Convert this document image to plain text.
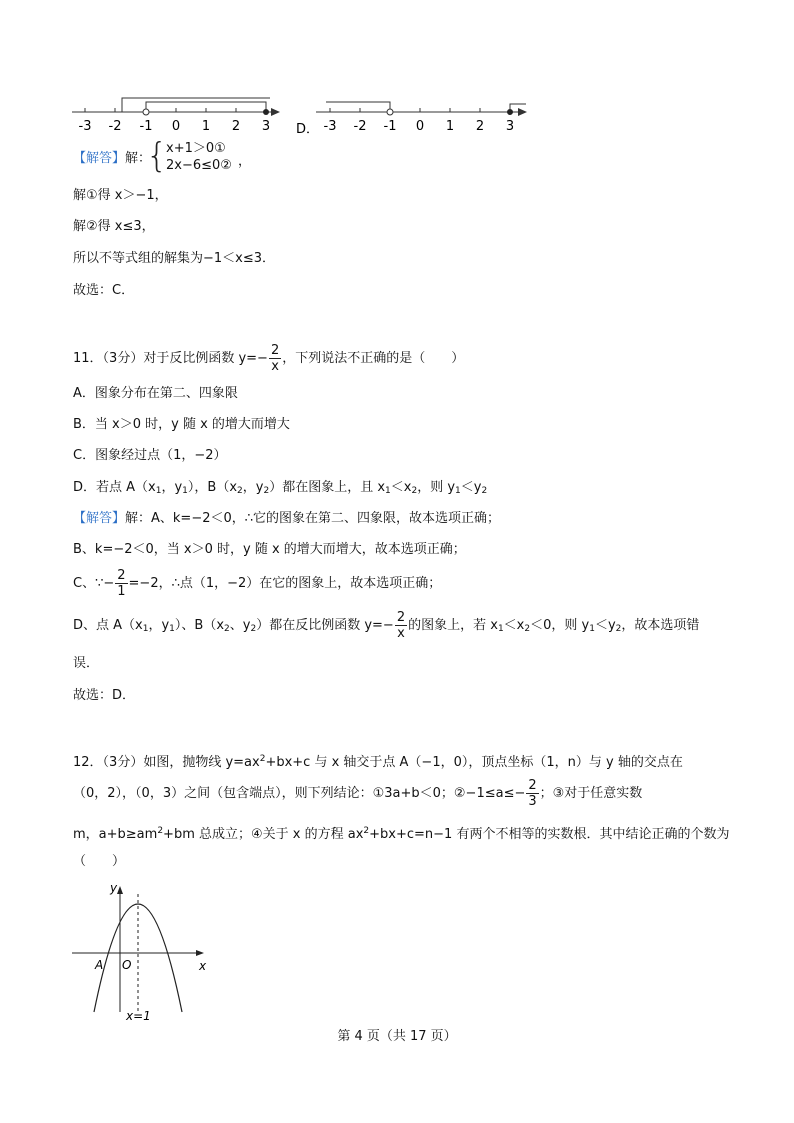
-3 -2 -1 0 1 2 3 D． -3 -2 -1 0 1 2 3
【解答】解：
{
x+1＞0①
2x−6≤0② ，
解①得 x＞−1，
解②得 x≤3，
所以不等式组的解集为−1＜x≤3．
故选：C．
11．（3分）对于反比例函数 $y=- \frac{2}{x}$ ，下列说法不正确的是（　　）
A．图象分布在第二、四象限
B．当 x＞0 时，y 随 x 的增大而增大
C．图象经过点（1，−2）
D．若点 $A(x_1$，$y_1$），$B(x_2$，$y_2$）都在图象上，且 $x_1<x_2$，则 $y_1<y_2$
【解答】解：A、k=−2＜0，∴它的图象在第二、四象限，故本选项正确；
B、k=−2＜0，当 x＞0 时，y 随 x 的增大而增大，故本选项正确；
C、∵− $\frac{2}{1} =-2$，∴点（1，−2）在它的图象上，故本选项正确；
D、点 $A(x_1$，$y_1$）、$B(x_2$、$y_2$）都在反比例函数 $y=- \frac{2}{x}$ 的图象上，若 $x_1<x_2<0$，则 $y_1<y_2$，故本选项错
误．
故选：D．
12．（3分）如图，抛物线 $y=ax^2+bx+c$ 与 x 轴交于点 A（−1，0），顶点坐标（1，n）与 y 轴的交点在
（0，2），（0，3）之间（包含端点），则下列结论：①3a+b＜0；②−1≤a≤− $\frac{2}{3}$ ；③对于任意实数
m，$a+b\ge am^2+bm$ 总成立；④关于 x 的方程 $ax^2+bx+c=n-1$ 有两个不相等的实数根．其中结论正确的个数为
（　　）
y
x
A O
x=1
第 4 页（共 17 页）
